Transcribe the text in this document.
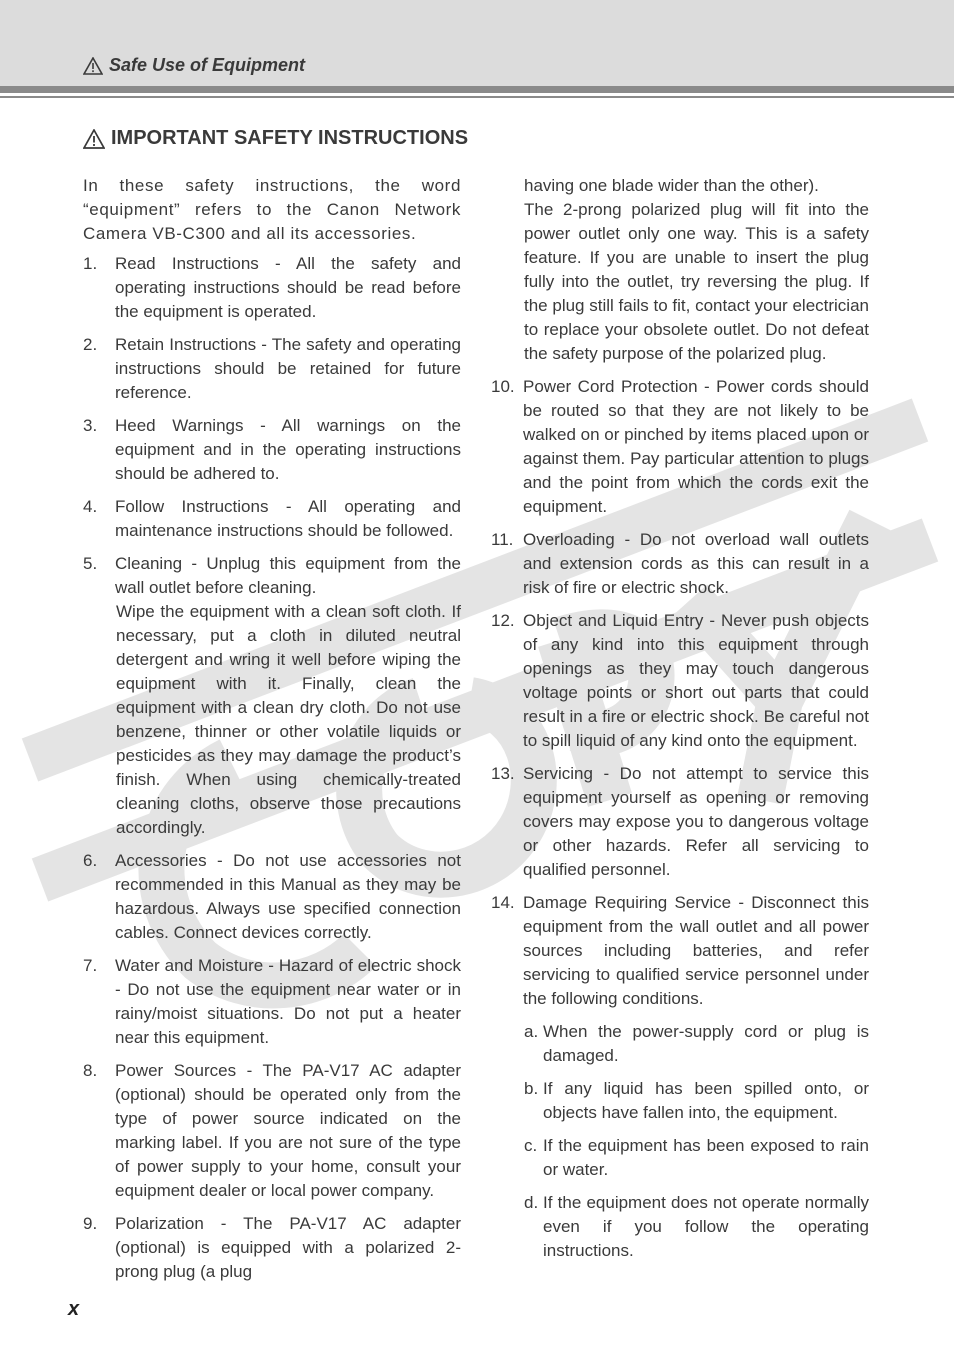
Safe Use of Equipment
IMPORTANT SAFETY INSTRUCTIONS

In these safety instructions, the word “equipment” refers to the Canon Network Camera VB-C300 and all its accessories.

1.	Read Instructions - All the safety and operating instructions should be read before the equipment is operated.
2.	Retain Instructions - The safety and operating instructions should be retained for future reference.
3.	Heed Warnings - All warnings on the equipment and in the operating instructions should be adhered to.
4.	Follow Instructions - All operating and maintenance instructions should be followed.
5.	Cleaning - Unplug this equipment from the wall outlet before cleaning.

Wipe the equipment with a clean soft cloth. If necessary, put a cloth in diluted neutral detergent and wring it well before wiping the equipment with it. Finally, clean the equipment with a clean dry cloth. Do not use benzene, thinner or other volatile liquids or pesticides as they may damage the product’s finish. When using chemically-treated cleaning cloths, observe those precautions accordingly.

6.	Accessories - Do not use accessories not recommended in this Manual as they may be hazardous. Always use specified connection cables. Connect devices correctly.
7.	Water and Moisture - Hazard of electric shock - Do not use the equipment near water or in rainy/moist situations. Do not put a heater near this equipment.
8.	Power Sources - The PA-V17 AC adapter (optional) should be operated only from the type of power source indicated on the marking label. If you are not sure of the type of power supply to your home, consult your equipment dealer or local power company.
9.	Polarization - The PA-V17 AC adapter (optional) is equipped with a polarized 2-prong plug (a plug

having one blade wider than the other).

The 2-prong polarized plug will fit into the power outlet only one way. This is a safety feature. If you are unable to insert the plug fully into the outlet, try reversing the plug. If the plug still fails to fit, contact your electrician to replace your obsolete outlet. Do not defeat the safety purpose of the polarized plug.

10. Power Cord Protection - Power cords should be routed so that they are not likely to be walked on or pinched by items placed upon or against them. Pay particular attention to plugs and the point from which the cords exit the equipment.
11. Overloading - Do not overload wall outlets and extension cords as this can result in a risk of fire or electric shock.
12. Object and Liquid Entry - Never push objects of any kind into this equipment through openings as they may touch dangerous voltage points or short out parts that could result in a fire or electric shock. Be careful not to spill liquid of any kind onto the equipment.
13. Servicing - Do not attempt to service this equipment yourself as opening or removing covers may expose you to dangerous voltage or other hazards. Refer all servicing to qualified personnel.
14. Damage Requiring Service - Disconnect this equipment from the wall outlet and all power sources including batteries, and refer servicing to qualified service personnel under the following conditions.
a. When the power-supply cord or plug is damaged.
b. If any liquid has been spilled onto, or objects have fallen into, the equipment.
c. If the equipment has been exposed to rain or water.
d. If the equipment does not operate normally even if you follow the operating instructions.
x
